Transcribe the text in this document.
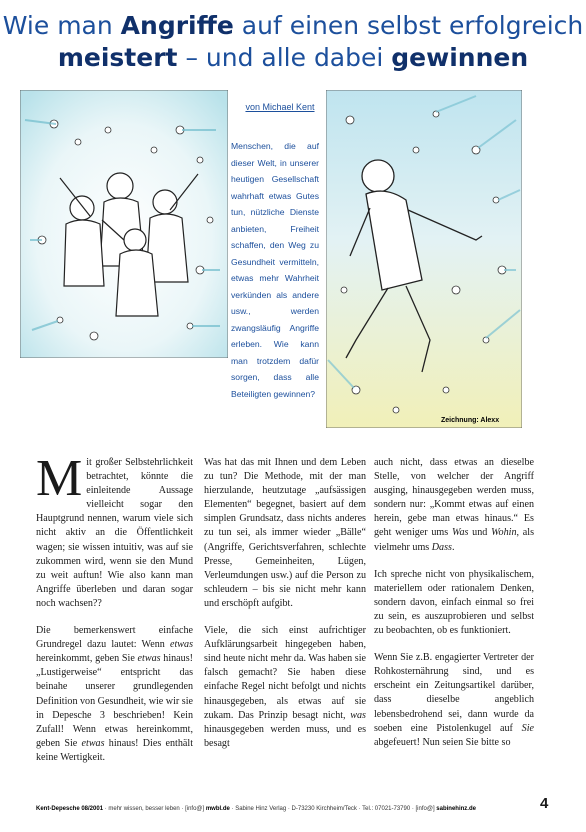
Wie man Angriffe auf einen selbst erfolgreich
meistert – und alle dabei gewinnen
von Michael Kent
Menschen, die auf dieser Welt, in unserer heutigen Gesellschaft wahrhaft etwas Gutes tun, nützliche Dienste anbieten, Freiheit schaffen, den Weg zu Gesundheit vermitteln, etwas mehr Wahrheit verkünden als andere usw., werden zwangsläufig Angriffe erleben. Wie kann man trotzdem dafür sorgen, dass alle Beteiligten gewinnen?
Zeichnung: Alexx

Mit großer Selbstehrlichkeit betrachtet, könnte die einleitende Aussage vielleicht sogar den Hauptgrund nennen, warum viele sich nicht aktiv an die Öffentlichkeit wagen; sie wissen intuitiv, was auf sie zukommen wird, wenn sie den Mund zu weit auftun! Wie also kann man Angriffe überleben und daran sogar noch wachsen??

Die bemerkenswert einfache Grundregel dazu lautet: Wenn etwas hereinkommt, geben Sie etwas hinaus! „Lustigerweise“ entspricht das beinahe unserer grundlegenden Definition von Gesundheit, wie wir sie in Depesche 3 beschrieben! Kein Zufall! Wenn etwas hereinkommt, geben Sie etwas hinaus! Dies enthält keine Wertigkeit.

Was hat das mit Ihnen und dem Leben zu tun? Die Methode, mit der man hierzulande, heutzutage „aufsässigen Elementen“ begegnet, basiert auf dem simplen Grundsatz, dass nichts anderes zu tun sei, als immer wieder „Bälle“ (Angriffe, Gerichtsverfahren, schlechte Presse, Gemeinheiten, Lügen, Verleumdungen usw.) auf die Person zu schleudern – bis sie nicht mehr kann und erschöpft aufgibt.

Viele, die sich einst aufrichtiger Aufklärungsarbeit hingegeben haben, sind heute nicht mehr da. Was haben sie falsch gemacht? Sie haben diese einfache Regel nicht befolgt und nichts hinausgegeben, als etwas auf sie zukam. Das Prinzip besagt nicht, was hinausgegeben werden muss, und es besagt

auch nicht, dass etwas an dieselbe Stelle, von welcher der Angriff ausging, hinausgegeben werden muss, sondern nur: „Kommt etwas auf einen herein, gebe man etwas hinaus.“ Es geht weniger ums Was und Wohin, als vielmehr ums Dass.

Ich spreche nicht von physikalischem, materiellem oder rationalem Denken, sondern davon, einfach einmal so frei zu sein, es auszuprobieren und selbst zu beobachten, ob es funktioniert.

Wenn Sie z.B. engagierter Vertreter der Rohkosternährung sind, und es erscheint ein Zeitungsartikel darüber, dass dieselbe angeblich lebensbedrohend sei, dann wurde da soeben eine Pistolenkugel auf Sie abgefeuert! Nun seien Sie bitte so

Kent-Depesche 08/2001 · mehr wissen, besser leben · [info@] mwbl.de · Sabine Hinz Verlag · D-73230 Kirchheim/Teck · Tel.: 07021-73790 · [info@] sabinehinz.de	4
